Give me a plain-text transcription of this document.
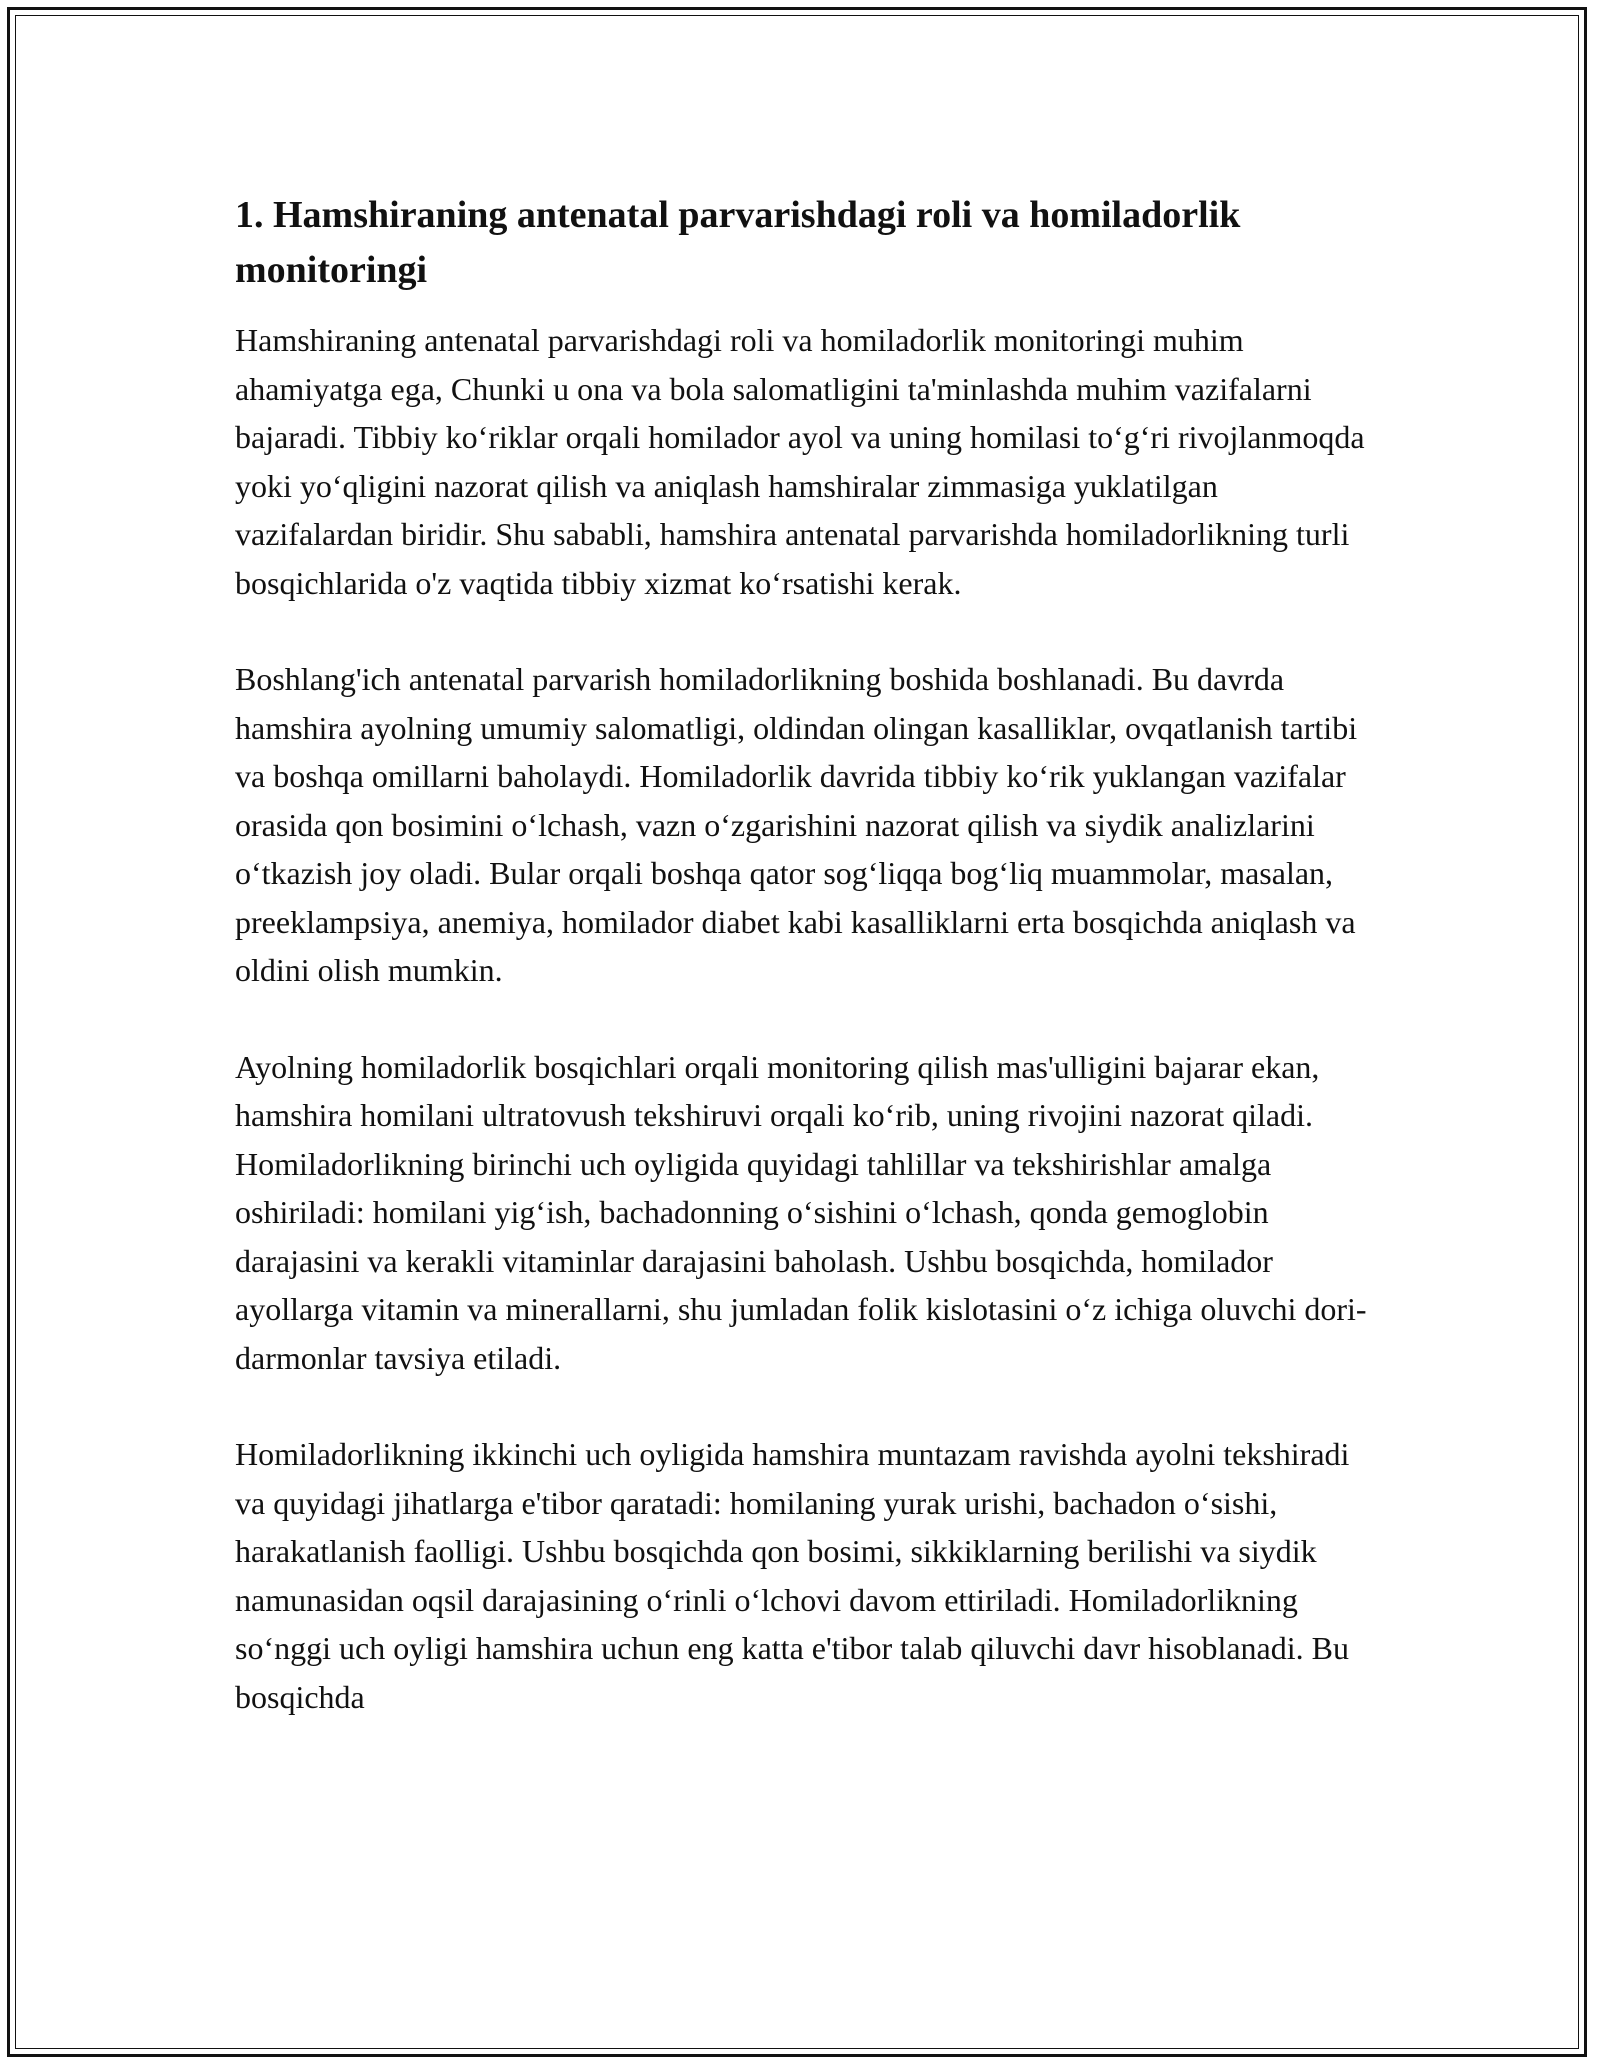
1. Hamshiraning antenatal parvarishdagi roli va homiladorlik monitoringi

Hamshiraning antenatal parvarishdagi roli va homiladorlik monitoringi muhim ahamiyatga ega, Chunki u ona va bola salomatligini ta'minlashda muhim vazifalarni bajaradi. Tibbiy ko‘riklar orqali homilador ayol va uning homilasi to‘g‘ri rivojlanmoqda yoki yo‘qligini nazorat qilish va aniqlash hamshiralar zimmasiga yuklatilgan vazifalardan biridir. Shu sababli, hamshira antenatal parvarishda homiladorlikning turli bosqichlarida o'z vaqtida tibbiy xizmat ko‘rsatishi kerak.

Boshlang'ich antenatal parvarish homiladorlikning boshida boshlanadi. Bu davrda hamshira ayolning umumiy salomatligi, oldindan olingan kasalliklar, ovqatlanish tartibi va boshqa omillarni baholaydi. Homiladorlik davrida tibbiy ko‘rik yuklangan vazifalar orasida qon bosimini o‘lchash, vazn o‘zgarishini nazorat qilish va siydik analizlarini o‘tkazish joy oladi. Bular orqali boshqa qator sog‘liqqa bog‘liq muammolar, masalan, preeklampsiya, anemiya, homilador diabet kabi kasalliklarni erta bosqichda aniqlash va oldini olish mumkin.

Ayolning homiladorlik bosqichlari orqali monitoring qilish mas'ulligini bajarar ekan, hamshira homilani ultratovush tekshiruvi orqali ko‘rib, uning rivojini nazorat qiladi. Homiladorlikning birinchi uch oyligida quyidagi tahlillar va tekshirishlar amalga oshiriladi: homilani yig‘ish, bachadonning o‘sishini o‘lchash, qonda gemoglobin darajasini va kerakli vitaminlar darajasini baholash. Ushbu bosqichda, homilador ayollarga vitamin va minerallarni, shu jumladan folik kislotasini o‘z ichiga oluvchi dori-darmonlar tavsiya etiladi.

Homiladorlikning ikkinchi uch oyligida hamshira muntazam ravishda ayolni tekshiradi va quyidagi jihatlarga e'tibor qaratadi: homilaning yurak urishi, bachadon o‘sishi, harakatlanish faolligi. Ushbu bosqichda qon bosimi, sikkiklarning berilishi va siydik namunasidan oqsil darajasining o‘rinli o‘lchovi davom ettiriladi. Homiladorlikning so‘nggi uch oyligi hamshira uchun eng katta e'tibor talab qiluvchi davr hisoblanadi. Bu bosqichda
